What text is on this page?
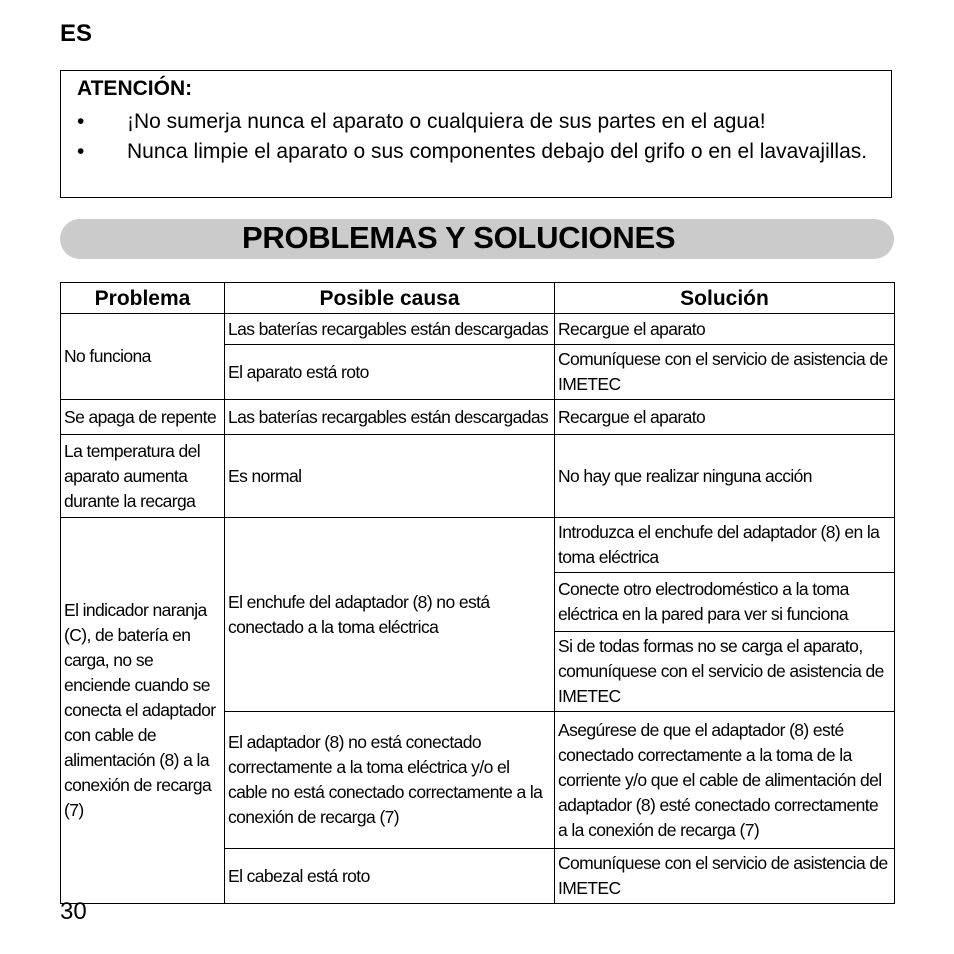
ES
ATENCIÓN:
• ¡No sumerja nunca el aparato o cualquiera de sus partes en el agua!
• Nunca limpie el aparato o sus componentes debajo del grifo o en el lavavajillas.
PROBLEMAS Y SOLUCIONES
Problema	Posible causa	Solución
No funciona	Las baterías recargables están descargadas	Recargue el aparato
	El aparato está roto	Comuníquese con el servicio de asistencia de IMETEC
Se apaga de repente	Las baterías recargables están descargadas	Recargue el aparato
La temperatura del aparato aumenta durante la recarga	Es normal	No hay que realizar ninguna acción
El indicador naranja (C), de batería en carga, no se enciende cuando se conecta el adaptador con cable de alimentación (8) a la conexión de recarga (7)	El enchufe del adaptador (8) no está conectado a la toma eléctrica	Introduzca el enchufe del adaptador (8) en la toma eléctrica
		Conecte otro electrodoméstico a la toma eléctrica en la pared para ver si funciona
		Si de todas formas no se carga el aparato, comuníquese con el servicio de asistencia de IMETEC
	El adaptador (8) no está conectado correctamente a la toma eléctrica y/o el cable no está conectado correctamente a la conexión de recarga (7)	Asegúrese de que el adaptador (8) esté conectado correctamente a la toma de la corriente y/o que el cable de alimentación del adaptador (8) esté conectado correctamente a la conexión de recarga (7)
	El cabezal está roto	Comuníquese con el servicio de asistencia de IMETEC
30
